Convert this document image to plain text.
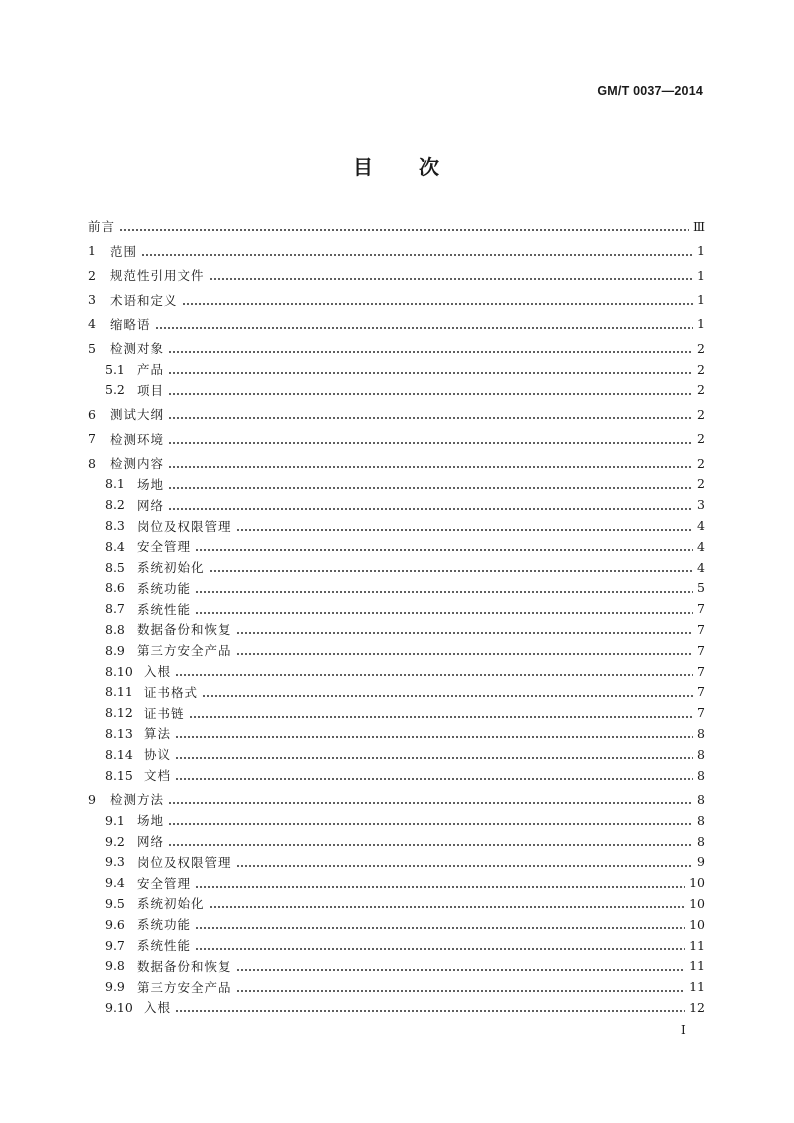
GM/T 0037—2014
目 次
前言	Ⅲ
1	范围	1
2	规范性引用文件	1
3	术语和定义	1
4	缩略语	1
5	检测对象	2
5.1 产品	2
5.2 项目	2
6	测试大纲	2
7	检测环境	2
8	检测内容	2
8.1 场地	2
8.2 网络	3
8.3 岗位及权限管理	4
8.4 安全管理	4
8.5 系统初始化	4
8.6 系统功能	5
8.7 系统性能	7
8.8 数据备份和恢复	7
8.9 第三方安全产品	7
8.10 入根	7
8.11 证书格式	7
8.12 证书链	7
8.13 算法	8
8.14 协议	8
8.15 文档	8
9	检测方法	8
9.1 场地	8
9.2 网络	8
9.3 岗位及权限管理	9
9.4 安全管理	10
9.5 系统初始化	10
9.6 系统功能	10
9.7 系统性能	11
9.8 数据备份和恢复	11
9.9 第三方安全产品	11
9.10 入根	12
I
